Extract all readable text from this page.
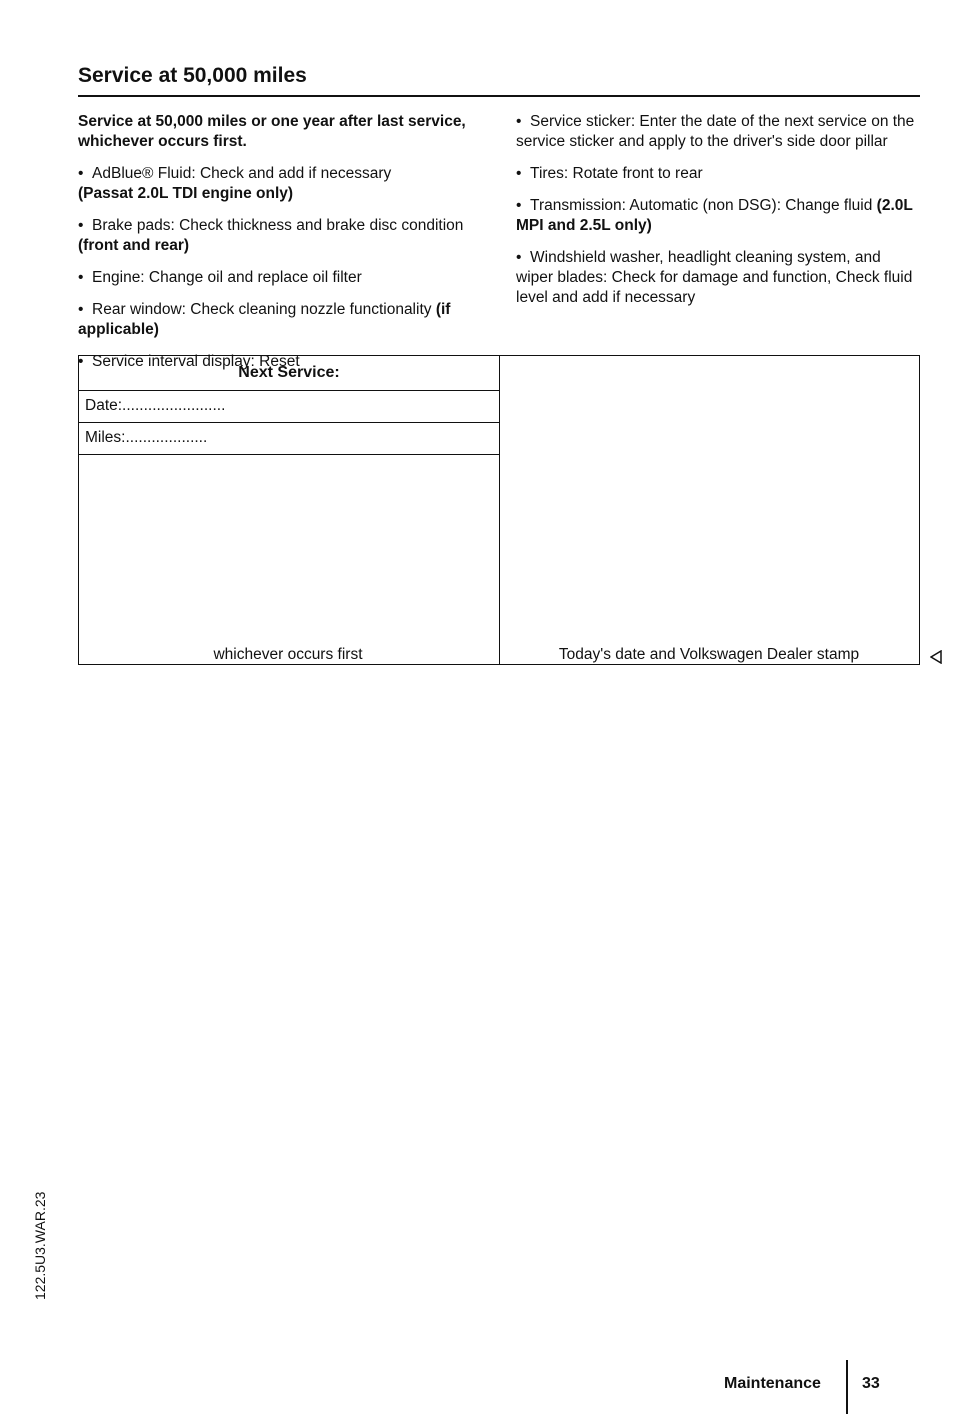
Service at 50,000 miles

Service at 50,000 miles or one year after last service, whichever occurs first.

•  AdBlue® Fluid: Check and add if necessary
(Passat 2.0L TDI engine only)

•  Brake pads: Check thickness and brake disc condition (front and rear)

•  Engine: Change oil and replace oil filter

•  Rear window: Check cleaning nozzle functionality (if applicable)

•  Service interval display: Reset

•  Service sticker: Enter the date of the next service on the service sticker and apply to the driver's side door pillar

•  Tires: Rotate front to rear

•  Transmission: Automatic (non DSG): Change fluid (2.0L MPI and 2.5L only)

•  Windshield washer, headlight cleaning system, and wiper blades: Check for damage and function, Check fluid level and add if necessary

Next Service:
Date:........................
Miles:...................
whichever occurs first	Today's date and Volkswagen Dealer stamp
122.5U3.WAR.23
Maintenance	33
